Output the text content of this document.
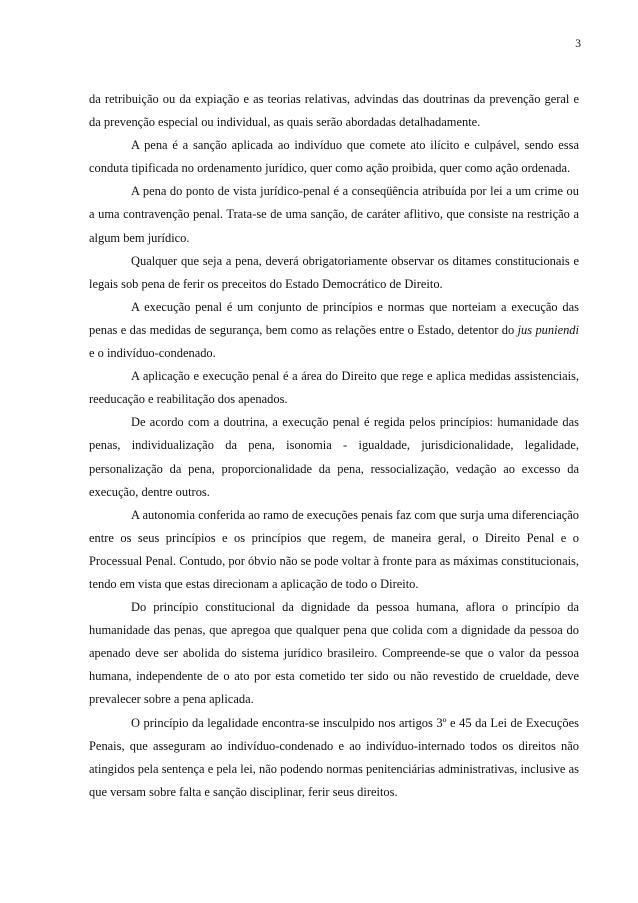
3

da retribuição ou da expiação e as teorias relativas, advindas das doutrinas da prevenção geral e da prevenção especial ou individual, as quais serão abordadas detalhadamente.

A pena é a sanção aplicada ao indivíduo que comete ato ilícito e culpável, sendo essa conduta tipificada no ordenamento jurídico, quer como ação proibida, quer como ação ordenada.

A pena do ponto de vista jurídico-penal é a conseqüência atribuída por lei a um crime ou a uma contravenção penal. Trata-se de uma sanção, de caráter aflitivo, que consiste na restrição a algum bem jurídico.

Qualquer que seja a pena, deverá obrigatoriamente observar os ditames constitucionais e legais sob pena de ferir os preceitos do Estado Democrático de Direito.

A execução penal é um conjunto de princípios e normas que norteiam a execução das penas e das medidas de segurança, bem como as relações entre o Estado, detentor do jus puniendi e o indivíduo-condenado.

A aplicação e execução penal é a área do Direito que rege e aplica medidas assistenciais, reeducação e reabilitação dos apenados.

De acordo com a doutrina, a execução penal é regida pelos princípios: humanidade das penas, individualização da pena, isonomia - igualdade, jurisdicionalidade, legalidade, personalização da pena, proporcionalidade da pena, ressocialização, vedação ao excesso da execução, dentre outros.

A autonomia conferida ao ramo de execuções penais faz com que surja uma diferenciação entre os seus princípios e os princípios que regem, de maneira geral, o Direito Penal e o Processual Penal. Contudo, por óbvio não se pode voltar à fronte para as máximas constitucionais, tendo em vista que estas direcionam a aplicação de todo o Direito.

Do princípio constitucional da dignidade da pessoa humana, aflora o princípio da humanidade das penas, que apregoa que qualquer pena que colida com a dignidade da pessoa do apenado deve ser abolida do sistema jurídico brasileiro. Compreende-se que o valor da pessoa humana, independente de o ato por esta cometido ter sido ou não revestido de crueldade, deve prevalecer sobre a pena aplicada.

O princípio da legalidade encontra-se insculpido nos artigos 3º e 45 da Lei de Execuções Penais, que asseguram ao indivíduo-condenado e ao indivíduo-internado todos os direitos não atingidos pela sentença e pela lei, não podendo normas penitenciárias administrativas, inclusive as que versam sobre falta e sanção disciplinar, ferir seus direitos.
